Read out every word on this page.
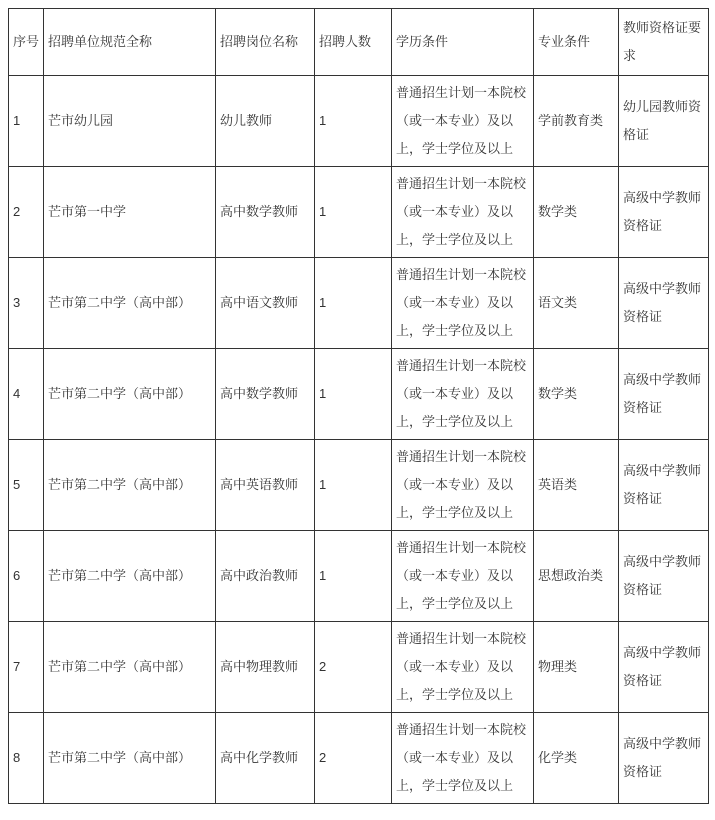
序号	招聘单位规范全称	招聘岗位名称	招聘人数	学历条件	专业条件	教师资格证要求
1	芒市幼儿园	幼儿教师	1	普通招生计划一本院校（或一本专业）及以上，学士学位及以上	学前教育类	幼儿园教师资格证
2	芒市第一中学	高中数学教师	1	普通招生计划一本院校（或一本专业）及以上，学士学位及以上	数学类	高级中学教师资格证
3	芒市第二中学（高中部）	高中语文教师	1	普通招生计划一本院校（或一本专业）及以上，学士学位及以上	语文类	高级中学教师资格证
4	芒市第二中学（高中部）	高中数学教师	1	普通招生计划一本院校（或一本专业）及以上，学士学位及以上	数学类	高级中学教师资格证
5	芒市第二中学（高中部）	高中英语教师	1	普通招生计划一本院校（或一本专业）及以上，学士学位及以上	英语类	高级中学教师资格证
6	芒市第二中学（高中部）	高中政治教师	1	普通招生计划一本院校（或一本专业）及以上，学士学位及以上	思想政治类	高级中学教师资格证
7	芒市第二中学（高中部）	高中物理教师	2	普通招生计划一本院校（或一本专业）及以上，学士学位及以上	物理类	高级中学教师资格证
8	芒市第二中学（高中部）	高中化学教师	2	普通招生计划一本院校（或一本专业）及以上，学士学位及以上	化学类	高级中学教师资格证
